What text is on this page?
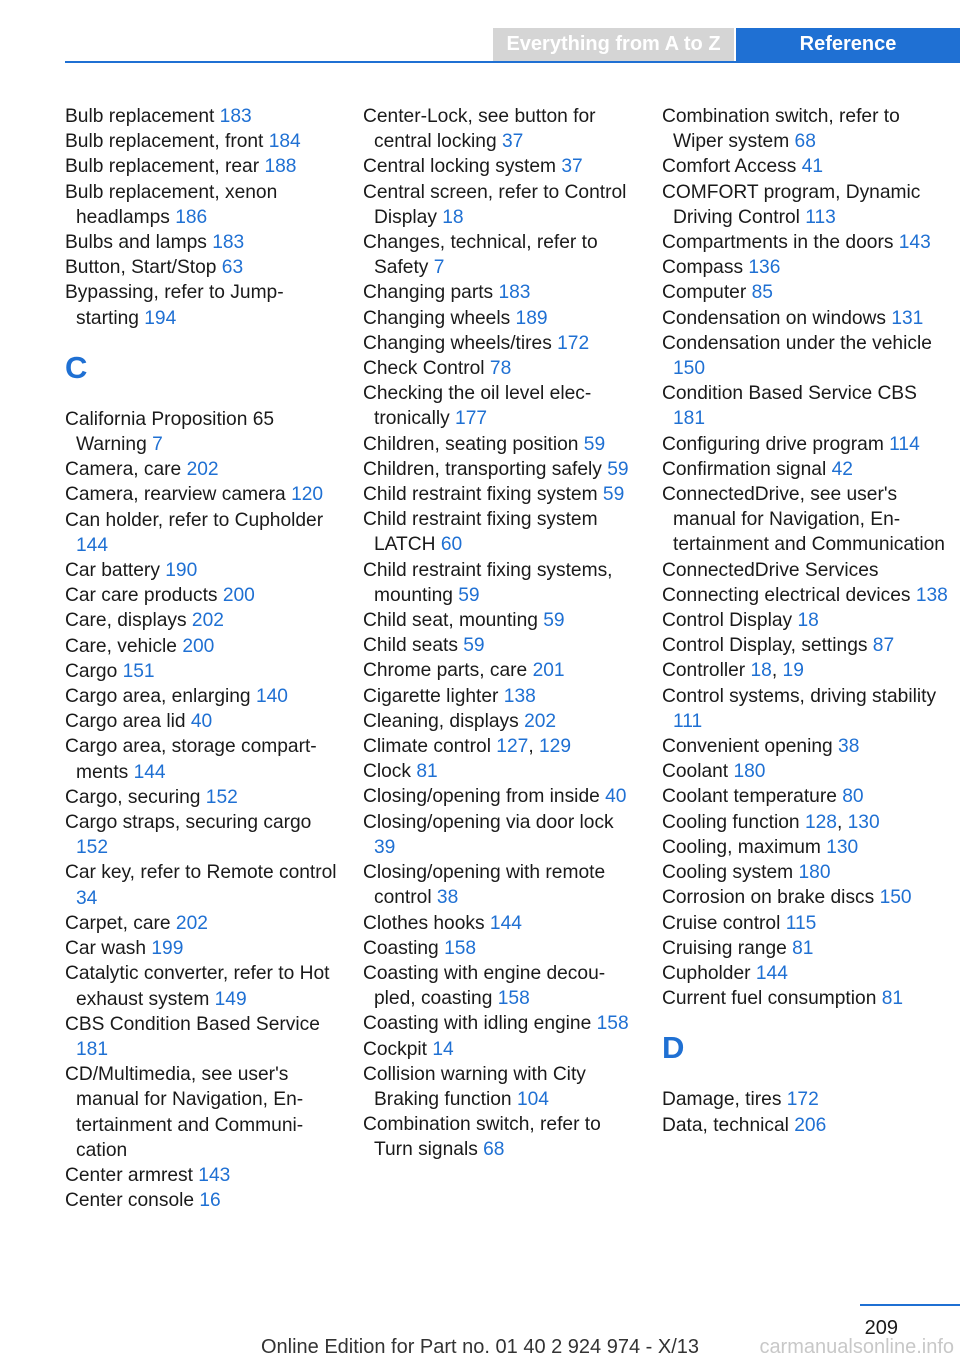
Everything from A to Z	Reference
Bulb replacement 183
Bulb replacement, front 184
Bulb replacement, rear 188
Bulb replacement, xenon headlamps 186
Bulbs and lamps 183
Button, Start/Stop 63
Bypassing, refer to Jumpstarting 194
C
California Proposition 65 Warning 7
Camera, care 202
Camera, rearview camera 120
Can holder, refer to Cupholder 144
Car battery 190
Car care products 200
Care, displays 202
Care, vehicle 200
Cargo 151
Cargo area, enlarging 140
Cargo area lid 40
Cargo area, storage compartments 144
Cargo, securing 152
Cargo straps, securing cargo 152
Car key, refer to Remote control 34
Carpet, care 202
Car wash 199
Catalytic converter, refer to Hot exhaust system 149
CBS Condition Based Service 181
CD/Multimedia, see user's manual for Navigation, Entertainment and Communication
Center armrest 143
Center console 16
Center-Lock, see button for central locking 37
Central locking system 37
Central screen, refer to Control Display 18
Changes, technical, refer to Safety 7
Changing parts 183
Changing wheels 189
Changing wheels/tires 172
Check Control 78
Checking the oil level electronically 177
Children, seating position 59
Children, transporting safely 59
Child restraint fixing system 59
Child restraint fixing system LATCH 60
Child restraint fixing systems, mounting 59
Child seat, mounting 59
Child seats 59
Chrome parts, care 201
Cigarette lighter 138
Cleaning, displays 202
Climate control 127, 129
Clock 81
Closing/opening from inside 40
Closing/opening via door lock 39
Closing/opening with remote control 38
Clothes hooks 144
Coasting 158
Coasting with engine decoupled, coasting 158
Coasting with idling engine 158
Cockpit 14
Collision warning with City Braking function 104
Combination switch, refer to Turn signals 68
Combination switch, refer to Wiper system 68
Comfort Access 41
COMFORT program, Dynamic Driving Control 113
Compartments in the doors 143
Compass 136
Computer 85
Condensation on windows 131
Condensation under the vehicle 150
Condition Based Service CBS 181
Configuring drive program 114
Confirmation signal 42
ConnectedDrive, see user's manual for Navigation, Entertainment and Communication
ConnectedDrive Services
Connecting electrical devices 138
Control Display 18
Control Display, settings 87
Controller 18, 19
Control systems, driving stability 111
Convenient opening 38
Coolant 180
Coolant temperature 80
Cooling function 128, 130
Cooling, maximum 130
Cooling system 180
Corrosion on brake discs 150
Cruise control 115
Cruising range 81
Cupholder 144
Current fuel consumption 81
D
Damage, tires 172
Data, technical 206
209
Online Edition for Part no. 01 40 2 924 974 - X/13	carmanualsonline.info
